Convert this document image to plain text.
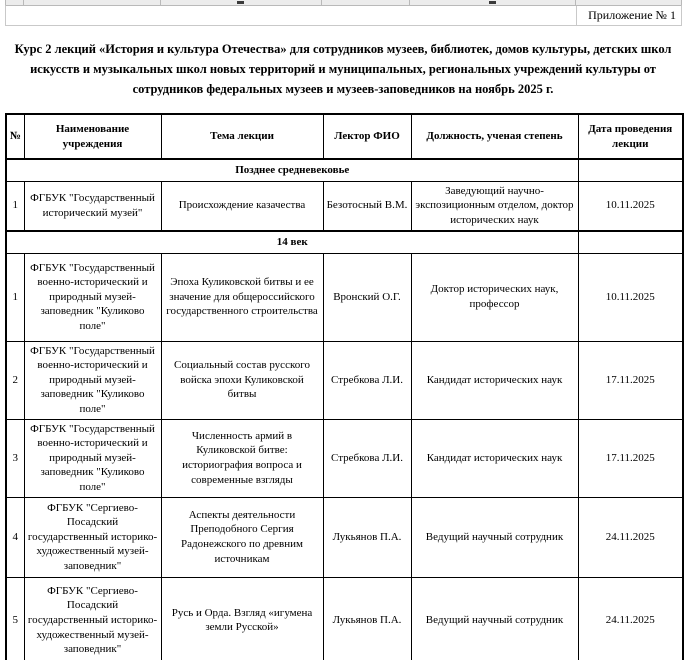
Приложение № 1

Курс 2 лекций «История и культура Отечества» для сотрудников музеев, библиотек, домов культуры, детских школ искусств и музыкальных школ новых территорий и муниципальных, региональных учреждений культуры от сотрудников федеральных музеев и музеев-заповедников на ноябрь 2025 г.

№	Наименование учреждения	Тема лекции	Лектор ФИО	Должность, ученая степень	Дата проведения лекции
Позднее средневековье					
1	ФГБУК "Государственный исторический музей"	Происхождение казачества	Безотосный В.М.	Заведующий научно-экспозиционным отделом, доктор исторических наук	10.11.2025
14 век					
1	ФГБУК "Государственный военно-исторический и природный музей-заповедник "Куликово поле"	Эпоха Куликовской битвы и ее значение для общероссийского государственного строительства	Вронский О.Г.	Доктор исторических наук, профессор	10.11.2025
2	ФГБУК "Государственный военно-исторический и природный музей-заповедник "Куликово поле"	Социальный состав русского войска эпохи Куликовской битвы	Стребкова Л.И.	Кандидат исторических наук	17.11.2025
3	ФГБУК "Государственный военно-исторический и природный музей-заповедник "Куликово поле"	Численность армий в Куликовской битве: историография вопроса и современные взгляды	Стребкова Л.И.	Кандидат исторических наук	17.11.2025
4	ФГБУК "Сергиево-Посадский государственный историко-художественный музей-заповедник"	Аспекты деятельности Преподобного Сергия Радонежского по древним источникам	Лукьянов П.А.	Ведущий научный сотрудник	24.11.2025
5	ФГБУК "Сергиево-Посадский государственный историко-художественный музей-заповедник"	Русь и Орда. Взгляд «игумена земли Русской»	Лукьянов П.А.	Ведущий научный сотрудник	24.11.2025
